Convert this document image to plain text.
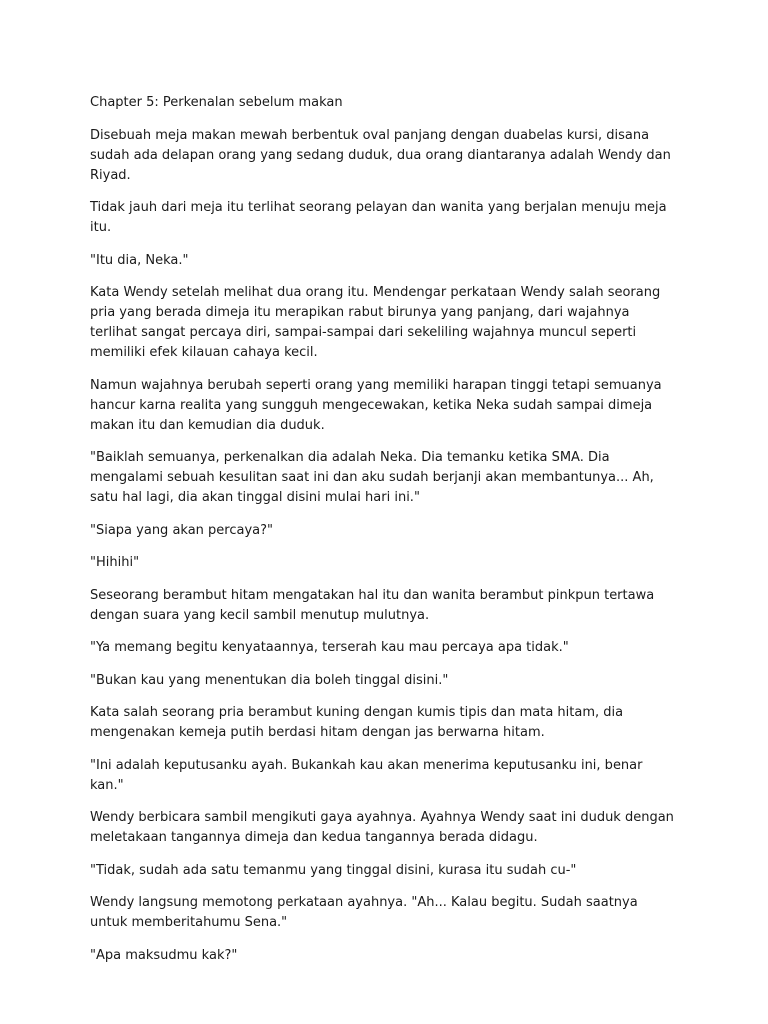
Chapter 5: Perkenalan sebelum makan

Disebuah meja makan mewah berbentuk oval panjang dengan duabelas kursi, disana sudah ada delapan orang yang sedang duduk, dua orang diantaranya adalah Wendy dan Riyad.

Tidak jauh dari meja itu terlihat seorang pelayan dan wanita yang berjalan menuju meja itu.

"Itu dia, Neka."

Kata Wendy setelah melihat dua orang itu. Mendengar perkataan Wendy salah seorang pria yang berada dimeja itu merapikan rabut birunya yang panjang, dari wajahnya terlihat sangat percaya diri, sampai-sampai dari sekeliling wajahnya muncul seperti memiliki efek kilauan cahaya kecil.

Namun wajahnya berubah seperti orang yang memiliki harapan tinggi tetapi semuanya hancur karna realita yang sungguh mengecewakan, ketika Neka sudah sampai dimeja makan itu dan kemudian dia duduk.

"Baiklah semuanya, perkenalkan dia adalah Neka. Dia temanku ketika SMA. Dia mengalami sebuah kesulitan saat ini dan aku sudah berjanji akan membantunya... Ah, satu hal lagi, dia akan tinggal disini mulai hari ini."

"Siapa yang akan percaya?"

"Hihihi"

Seseorang berambut hitam mengatakan hal itu dan wanita berambut pinkpun tertawa dengan suara yang kecil sambil menutup mulutnya.

"Ya memang begitu kenyataannya, terserah kau mau percaya apa tidak."

"Bukan kau yang menentukan dia boleh tinggal disini."

Kata salah seorang pria berambut kuning dengan kumis tipis dan mata hitam, dia mengenakan kemeja putih berdasi hitam dengan jas berwarna hitam.

"Ini adalah keputusanku ayah. Bukankah kau akan menerima keputusanku ini, benar kan."

Wendy berbicara sambil mengikuti gaya ayahnya. Ayahnya Wendy saat ini duduk dengan meletakaan tangannya dimeja dan kedua tangannya berada didagu.

"Tidak, sudah ada satu temanmu yang tinggal disini, kurasa itu sudah cu-"

Wendy langsung memotong perkataan ayahnya. "Ah... Kalau begitu. Sudah saatnya untuk memberitahumu Sena."

"Apa maksudmu kak?"
